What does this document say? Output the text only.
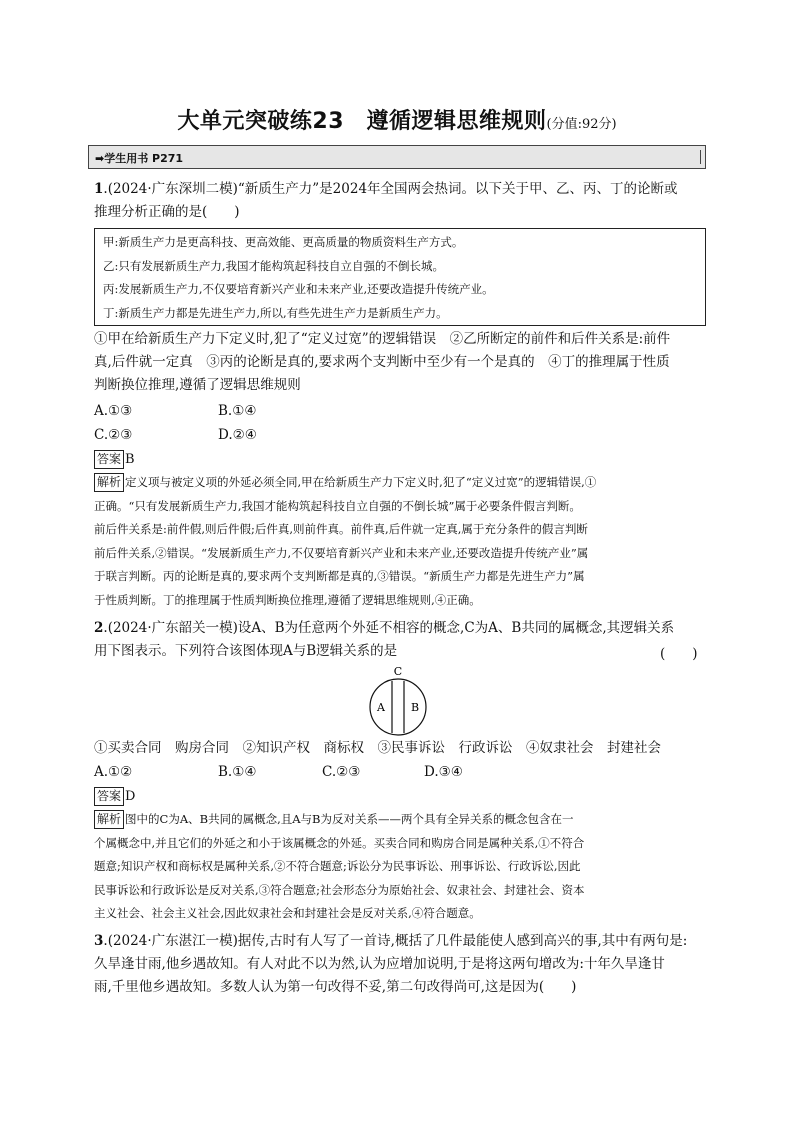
大单元突破练23　遵循逻辑思维规则(分值:92分)
➡学生用书 P271
1.(2024·广东深圳二模)“新质生产力”是2024年全国两会热词。以下关于甲、乙、丙、丁的论断或
推理分析正确的是(　　)
甲:新质生产力是更高科技、更高效能、更高质量的物质资料生产方式。
乙:只有发展新质生产力,我国才能构筑起科技自立自强的不倒长城。
丙:发展新质生产力,不仅要培育新兴产业和未来产业,还要改造提升传统产业。
丁:新质生产力都是先进生产力,所以,有些先进生产力是新质生产力。
①甲在给新质生产力下定义时,犯了“定义过宽”的逻辑错误　②乙所断定的前件和后件关系是:前件
真,后件就一定真　③丙的论断是真的,要求两个支判断中至少有一个是真的　④丁的推理属于性质
判断换位推理,遵循了逻辑思维规则
A.①③	B.①④
C.②③	D.②④
答案 B
解析 定义项与被定义项的外延必须全同,甲在给新质生产力下定义时,犯了“定义过宽”的逻辑错误,①
正确。“只有发展新质生产力,我国才能构筑起科技自立自强的不倒长城”属于必要条件假言判断。
前后件关系是:前件假,则后件假;后件真,则前件真。前件真,后件就一定真,属于充分条件的假言判断
前后件关系,②错误。“发展新质生产力,不仅要培育新兴产业和未来产业,还要改造提升传统产业”属
于联言判断。丙的论断是真的,要求两个支判断都是真的,③错误。“新质生产力都是先进生产力”属
于性质判断。丁的推理属于性质判断换位推理,遵循了逻辑思维规则,④正确。
2.(2024·广东韶关一模)设A、B为任意两个外延不相容的概念,C为A、B共同的属概念,其逻辑关系
用下图表示。下列符合该图体现A与B逻辑关系的是	(　　)
C
A B
①买卖合同　购房合同　②知识产权　商标权　③民事诉讼　行政诉讼　④奴隶社会　封建社会
A.①②	B.①④	C.②③	D.③④
答案 D
解析 图中的C为A、B共同的属概念,且A与B为反对关系——两个具有全异关系的概念包含在一
个属概念中,并且它们的外延之和小于该属概念的外延。买卖合同和购房合同是属种关系,①不符合
题意;知识产权和商标权是属种关系,②不符合题意;诉讼分为民事诉讼、刑事诉讼、行政诉讼,因此
民事诉讼和行政诉讼是反对关系,③符合题意;社会形态分为原始社会、奴隶社会、封建社会、资本
主义社会、社会主义社会,因此奴隶社会和封建社会是反对关系,④符合题意。
3.(2024·广东湛江一模)据传,古时有人写了一首诗,概括了几件最能使人感到高兴的事,其中有两句是:
久旱逢甘雨,他乡遇故知。有人对此不以为然,认为应增加说明,于是将这两句增改为:十年久旱逢甘
雨,千里他乡遇故知。多数人认为第一句改得不妥,第二句改得尚可,这是因为(　　)
